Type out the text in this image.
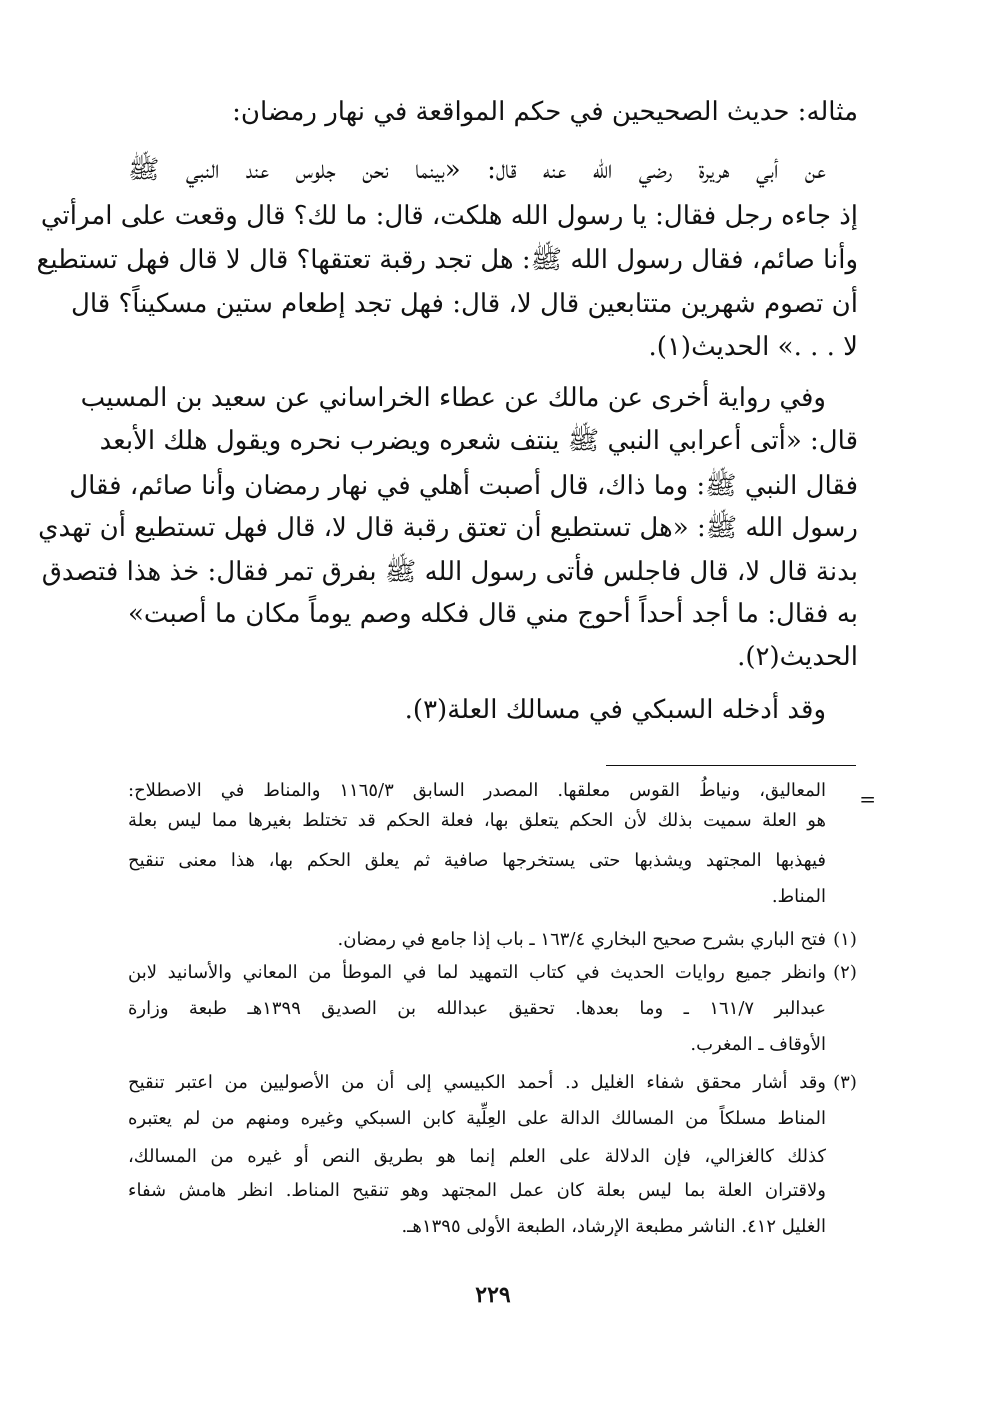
مثاله: حديث الصحيحين في حكم المواقعة في نهار رمضان:
عن أبي هريرة رضي الله عنه قال: «بينما نحن جلوس عند النبي ﷺ
إذ جاءه رجل فقال: يا رسول الله هلكت، قال: ما لك؟ قال وقعت على امرأتي
وأنا صائم، فقال رسول الله ﷺ: هل تجد رقبة تعتقها؟ قال لا قال فهل تستطيع
أن تصوم شهرين متتابعين قال لا، قال: فهل تجد إطعام ستين مسكيناً؟ قال
لا . . .» الحديث(١).
وفي رواية أخرى عن مالك عن عطاء الخراساني عن سعيد بن المسيب
قال: «أتى أعرابي النبي ﷺ ينتف شعره ويضرب نحره ويقول هلك الأبعد
فقال النبي ﷺ: وما ذاك، قال أصبت أهلي في نهار رمضان وأنا صائم، فقال
رسول الله ﷺ: «هل تستطيع أن تعتق رقبة قال لا، قال فهل تستطيع أن تهدي
بدنة قال لا، قال فاجلس فأتى رسول الله ﷺ بفرق تمر فقال: خذ هذا فتصدق
به فقال: ما أجد أحداً أحوج مني قال فكله وصم يوماً مكان ما أصبت»
الحديث(٢).
وقد أدخله السبكي في مسالك العلة(٣).
=
المعاليق، ونياطُ القوس معلقها. المصدر السابق ١١٦٥/٣ والمناط في الاصطلاح:
هو العلة سميت بذلك لأن الحكم يتعلق بها، فعلة الحكم قد تختلط بغيرها مما ليس بعلة
فيهذبها المجتهد ويشذبها حتى يستخرجها صافية ثم يعلق الحكم بها، هذا معنى تنقيح
المناط.
(١)
فتح الباري بشرح صحيح البخاري ١٦٣/٤ ـ باب إذا جامع في رمضان.
(٢)
وانظر جميع روايات الحديث في كتاب التمهيد لما في الموطأ من المعاني والأسانيد لابن
عبدالبر ١٦١/٧ ـ وما بعدها. تحقيق عبدالله بن الصديق ١٣٩٩هـ طبعة وزارة
الأوقاف ـ المغرب.
(٣)
وقد أشار محقق شفاء الغليل د. أحمد الكبيسي إلى أن من الأصوليين من اعتبر تنقيح
المناط مسلكاً من المسالك الدالة على العِلِّية كابن السبكي وغيره ومنهم من لم يعتبره
كذلك كالغزالي، فإن الدلالة على العلم إنما هو بطريق النص أو غيره من المسالك،
ولاقتران العلة بما ليس بعلة كان عمل المجتهد وهو تنقيح المناط. انظر هامش شفاء
الغليل ٤١٢. الناشر مطبعة الإرشاد، الطبعة الأولى ١٣٩٥هـ.
٢٢٩
